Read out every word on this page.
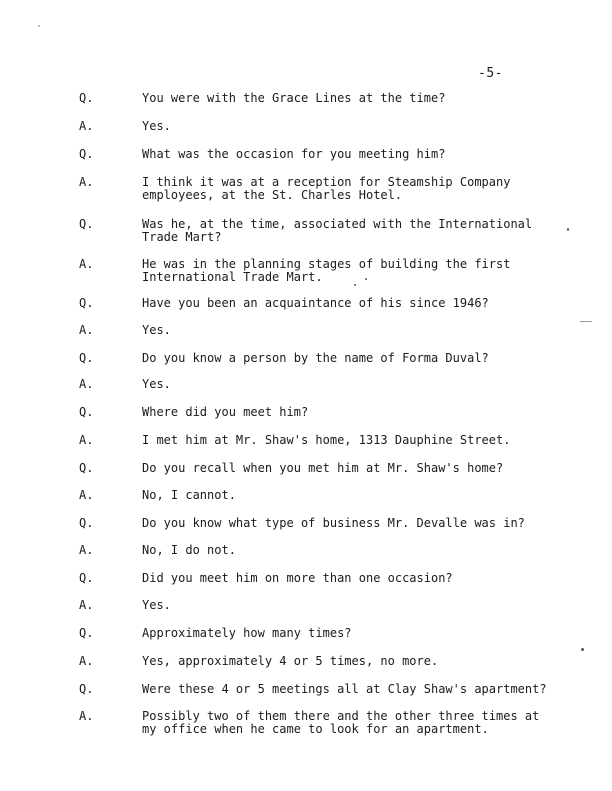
-5-
Q.	You were with the Grace Lines at the time?
A.	Yes.
Q.	What was the occasion for you meeting him?
A.	I think it was at a reception for Steamship Company
employees, at the St. Charles Hotel.
Q.	Was he, at the time, associated with the International
Trade Mart?
A.	He was in the planning stages of building the first
International Trade Mart.
Q.	Have you been an acquaintance of his since 1946?
A.	Yes.
Q.	Do you know a person by the name of Forma Duval?
A.	Yes.
Q.	Where did you meet him?
A.	I met him at Mr. Shaw's home, 1313 Dauphine Street.
Q.	Do you recall when you met him at Mr. Shaw's home?
A.	No, I cannot.
Q.	Do you know what type of business Mr. Devalle was in?
A.	No, I do not.
Q.	Did you meet him on more than one occasion?
A.	Yes.
Q.	Approximately how many times?
A.	Yes, approximately 4 or 5 times, no more.
Q.	Were these 4 or 5 meetings all at Clay Shaw's apartment?
A.	Possibly two of them there and the other three times at
my office when he came to look for an apartment.
